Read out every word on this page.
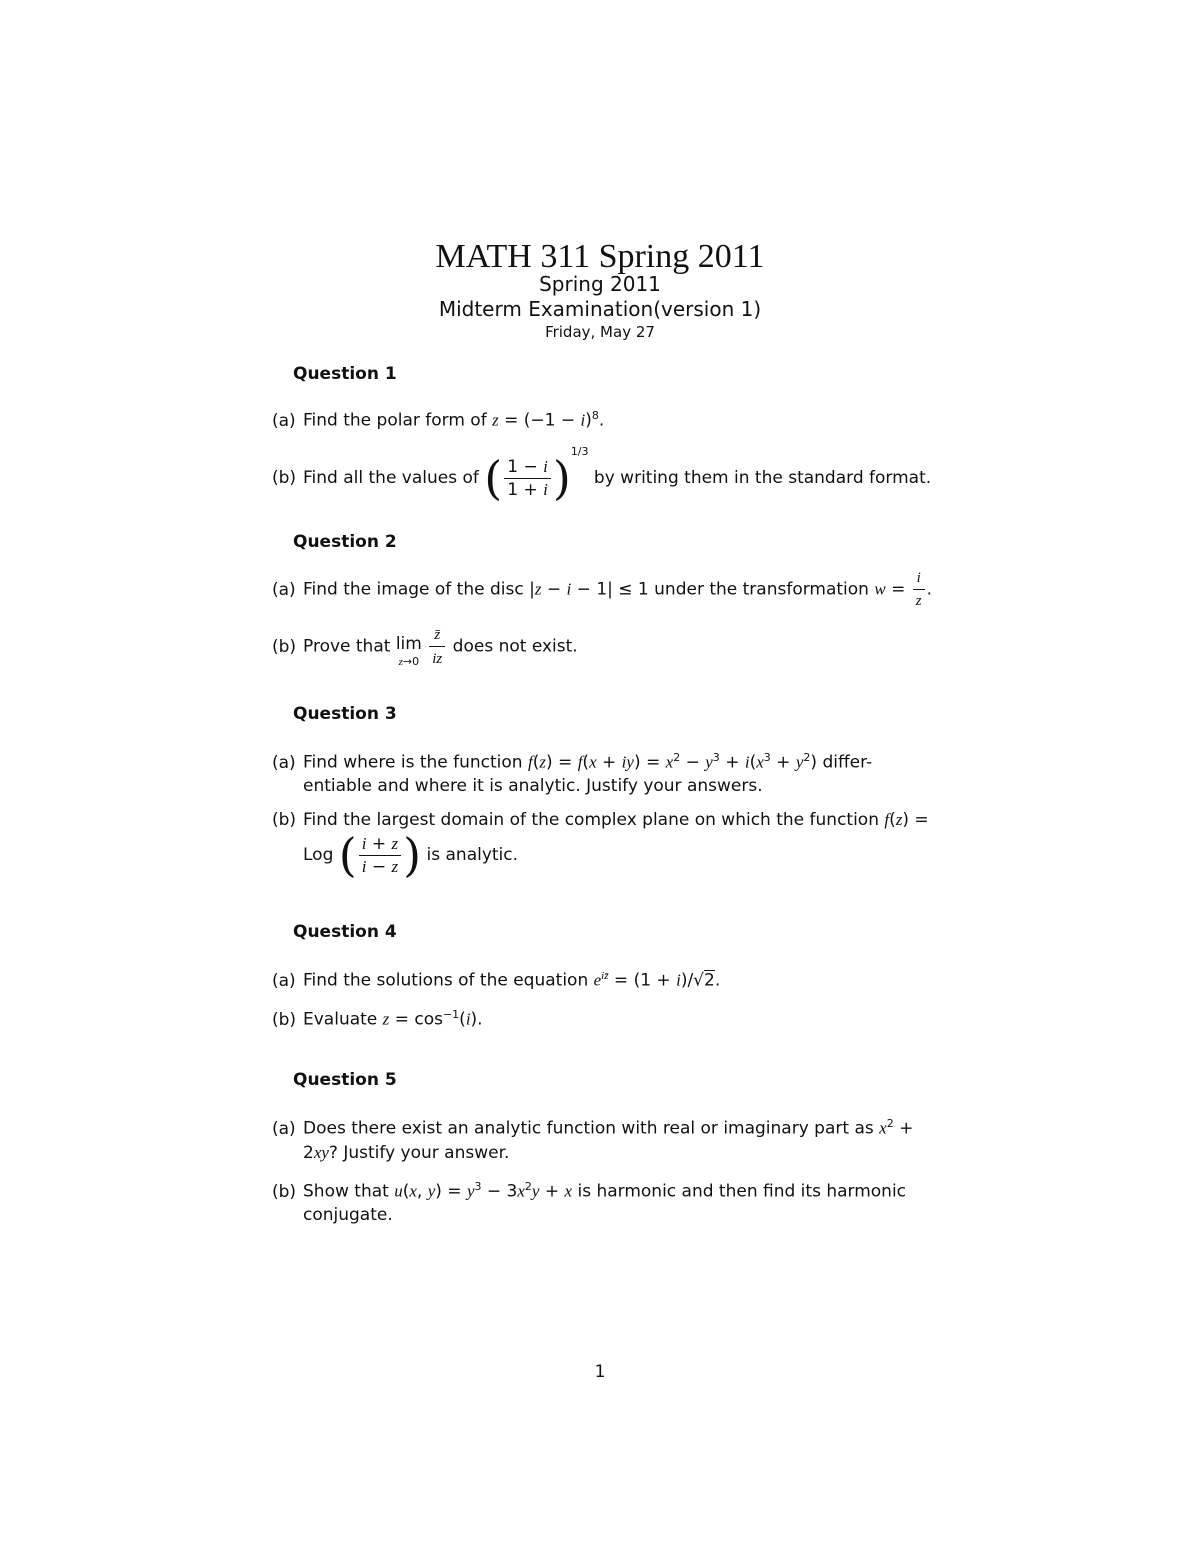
MATH 311 Spring 2011
Spring 2011
Midterm Examination(version 1)
Friday, May 27
Question 1
(a) Find the polar form of $z = (-1 - i)^8$.
(b) Find all the values of ( $\frac{1 - i}{1 + i} )^{1/3}$ by writing them in the standard format.
Question 2
(a) Find the image of the disc |z − i − 1| ≤ 1 under the transformation $w = \frac{i}{z}$ .
(b) Prove that lim
z→0
$\frac{z̄}{iz}$ does not exist.
Question 3
(a) Find where is the function $f(z) = f(x + iy) = x^2 - y^3 + i(x^3 + y^2)$ differ-
entiable and where it is analytic. Justify your answers.
(b) Find the largest domain of the complex plane on which the function f(z) =
Log ( $\frac{i + z}{i - z}$ ) is analytic.
Question 4
(a) Find the solutions of the equation $e^{iz̄} = (1 + i)/√2$.
(b) Evaluate $z = \cos^{-1}(i)$.
Question 5
(a) Does there exist an analytic function with real or imaginary part as $x^2$ +
2xy? Justify your answer.
(b) Show that u(x, $y) = y^3 - 3x^2y + x$ is harmonic and then find its harmonic
conjugate.
1
